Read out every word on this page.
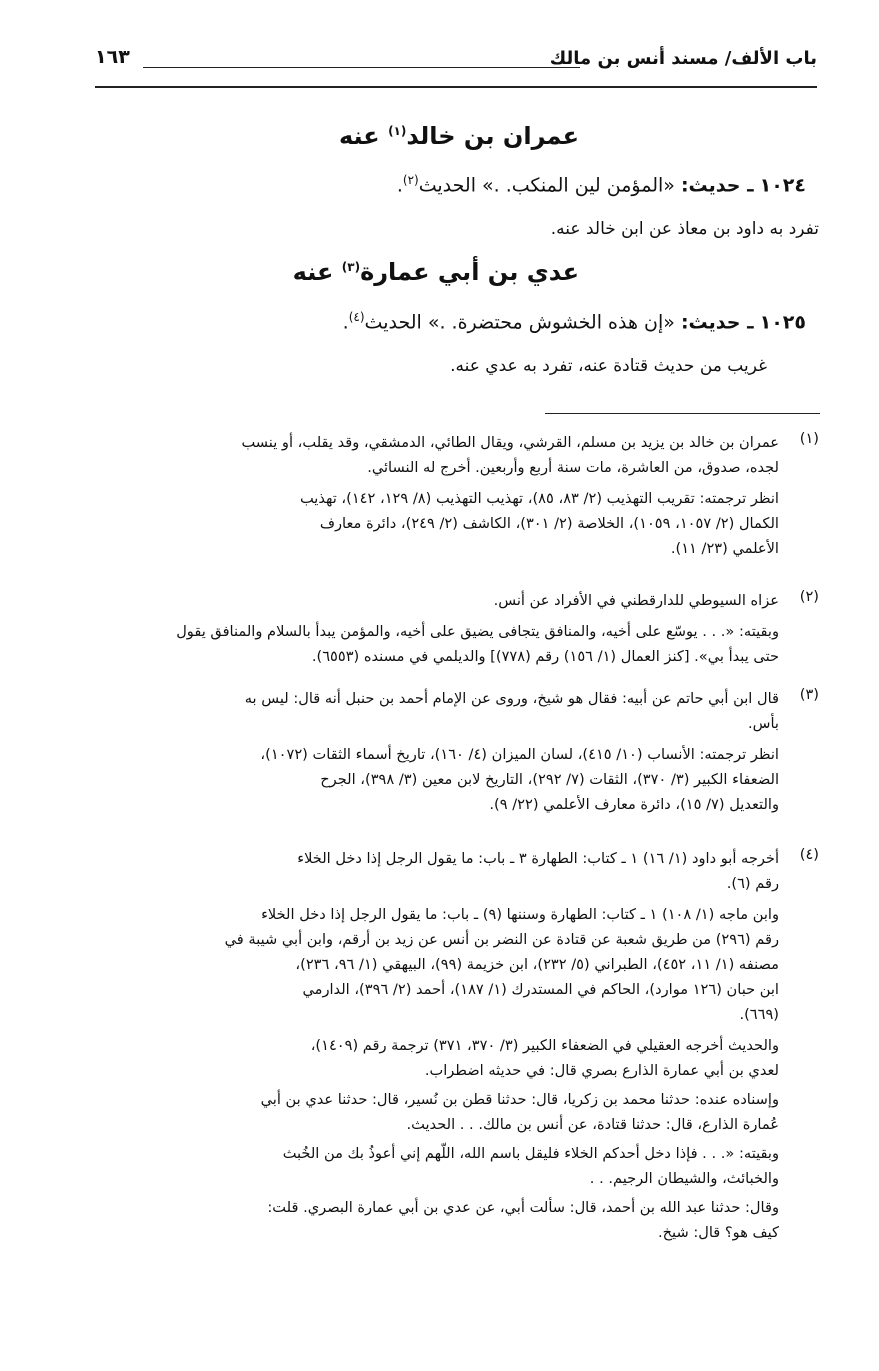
باب الألف/ مسند أنس بن مالك
١٦٣
عمران بن خالد$^{(١)}$ عنه
١٠٢٤ ـ حديث: «المؤمن لين المنكب. .» الحديث$^{(٢)}$.
تفرد به داود بن معاذ عن ابن خالد عنه.
عدي بن أبي عمارة$^{(٣)}$ عنه
١٠٢٥ ـ حديث: «إن هذه الخشوش محتضرة. .» الحديث$^{(٤)}$.
غريب من حديث قتادة عنه، تفرد به عدي عنه.
(١)
عمران بن خالد بن يزيد بن مسلم، القرشي، ويقال الطائي، الدمشقي، وقد يقلب، أو ينسب
لجده، صدوق، من العاشرة، مات سنة أربع وأربعين. أخرج له النسائي.
انظر ترجمته: تقريب التهذيب (٢/ ٨٣، ٨٥)، تهذيب التهذيب (٨/ ١٢٩، ١٤٢)، تهذيب
الكمال (٢/ ١٠٥٧، ١٠٥٩)، الخلاصة (٢/ ٣٠١)، الكاشف (٢/ ٢٤٩)، دائرة معارف
الأعلمي (٢٣/ ١١).
(٢)
عزاه السيوطي للدارقطني في الأفراد عن أنس.
وبقيته: «. . . يوسّع على أخيه، والمنافق يتجافى يضيق على أخيه، والمؤمن يبدأ بالسلام والمنافق يقول
حتى يبدأ بي». [كنز العمال (١/ ١٥٦) رقم (٧٧٨)] والديلمي في مسنده (٦٥٥٣).
(٣)
قال ابن أبي حاتم عن أبيه: فقال هو شيخ، وروى عن الإمام أحمد بن حنبل أنه قال: ليس به
بأس.
انظر ترجمته: الأنساب (١٠/ ٤١٥)، لسان الميزان (٤/ ١٦٠)، تاريخ أسماء الثقات (١٠٧٢)،
الضعفاء الكبير (٣/ ٣٧٠)، الثقات (٧/ ٢٩٢)، التاريخ لابن معين (٣/ ٣٩٨)، الجرح
والتعديل (٧/ ١٥)، دائرة معارف الأعلمي (٢٢/ ٩).
(٤)
أخرجه أبو داود (١/ ١٦) ١ ـ كتاب: الطهارة ٣ ـ باب: ما يقول الرجل إذا دخل الخلاء
رقم (٦).
وابن ماجه (١/ ١٠٨) ١ ـ كتاب: الطهارة وسننها (٩) ـ باب: ما يقول الرجل إذا دخل الخلاء
رقم (٢٩٦) من طريق شعبة عن قتادة عن النضر بن أنس عن زيد بن أرقم، وابن أبي شيبة في
مصنفه (١/ ١١، ٤٥٢)، الطبراني (٥/ ٢٣٢)، ابن خزيمة (٩٩)، البيهقي (١/ ٩٦، ٢٣٦)،
ابن حبان (١٢٦ موارد)، الحاكم في المستدرك (١/ ١٨٧)، أحمد (٢/ ٣٩٦)، الدارمي
(٦٦٩).
والحديث أخرجه العقيلي في الضعفاء الكبير (٣/ ٣٧٠، ٣٧١) ترجمة رقم (١٤٠٩)،
لعدي بن أبي عمارة الذارع بصري قال: في حديثه اضطراب.
وإسناده عنده: حدثنا محمد بن زكريا، قال: حدثنا قطن بن نُسير، قال: حدثنا عدي بن أبي
عُمارة الذارع، قال: حدثنا قتادة، عن أنس بن مالك. . . الحديث.
وبقيته: «. . . فإذا دخل أحدكم الخلاء فليقل باسم الله، اللّهم إني أعوذُ بك من الخُبث
والخبائث، والشيطان الرجيم. . .
وقال: حدثنا عبد الله بن أحمد، قال: سألت أبي، عن عدي بن أبي عمارة البصري. قلت:
كيف هو؟ قال: شيخ.
